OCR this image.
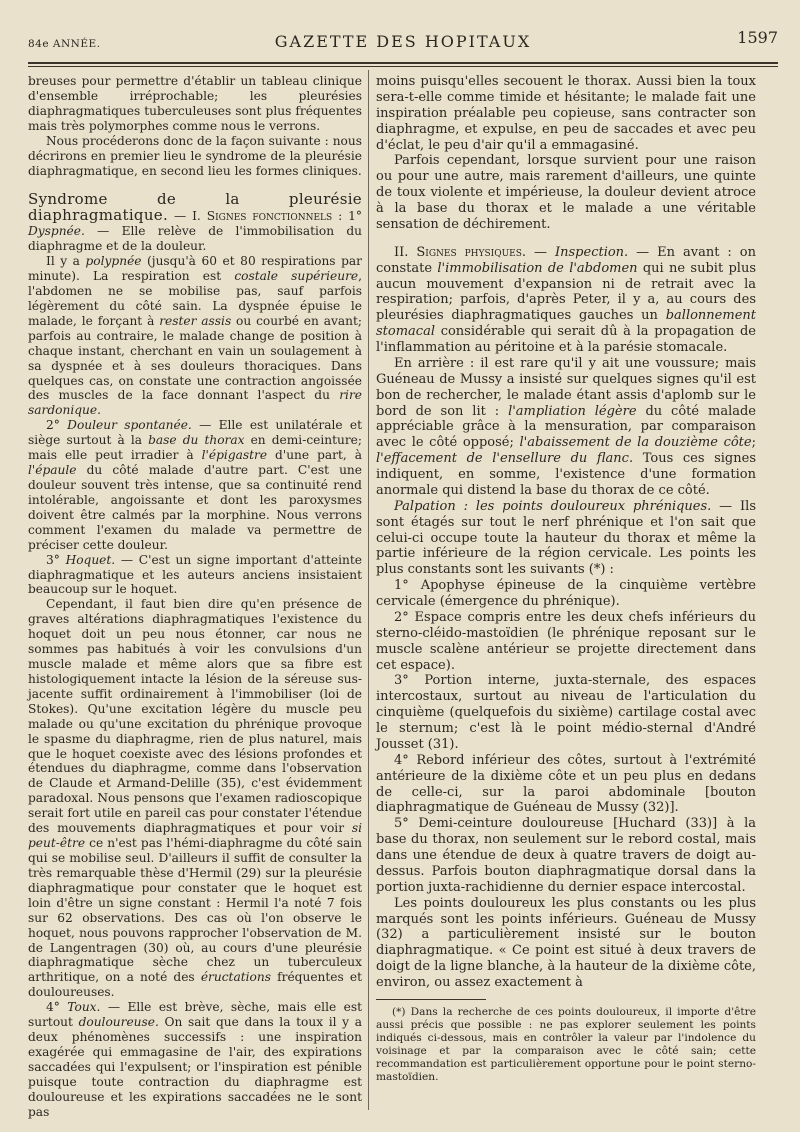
84e ANNÉE.	GAZETTE DES HOPITAUX	1597

breuses pour permettre d'établir un tableau clinique d'ensemble irréprochable; les pleurésies diaphragmatiques tuberculeuses sont plus fréquentes mais très polymorphes comme nous le verrons.

Nous procéderons donc de la façon suivante : nous décrirons en premier lieu le syndrome de la pleurésie diaphragmatique, en second lieu les formes cliniques.

Syndrome de la pleurésie diaphragmatique. — I. Signes fonctionnels : 1° Dyspnée. — Elle relève de l'immobilisation du diaphragme et de la douleur.

Il y a polypnée (jusqu'à 60 et 80 respirations par minute). La respiration est costale supérieure, l'abdomen ne se mobilise pas, sauf parfois légèrement du côté sain. La dyspnée épuise le malade, le forçant à rester assis ou courbé en avant; parfois au contraire, le malade change de position à chaque instant, cherchant en vain un soulagement à sa dyspnée et à ses douleurs thoraciques. Dans quelques cas, on constate une contraction angoissée des muscles de la face donnant l'aspect du rire sardonique.

2° Douleur spontanée. — Elle est unilatérale et siège surtout à la base du thorax en demi-ceinture; mais elle peut irradier à l'épigastre d'une part, à l'épaule du côté malade d'autre part. C'est une douleur souvent très intense, que sa continuité rend intolérable, angoissante et dont les paroxysmes doivent être calmés par la morphine. Nous verrons comment l'examen du malade va permettre de préciser cette douleur.

3° Hoquet. — C'est un signe important d'atteinte diaphragmatique et les auteurs anciens insistaient beaucoup sur le hoquet.

Cependant, il faut bien dire qu'en présence de graves altérations diaphragmatiques l'existence du hoquet doit un peu nous étonner, car nous ne sommes pas habitués à voir les convulsions d'un muscle malade et même alors que sa fibre est histologiquement intacte la lésion de la séreuse sus-jacente suffit ordinairement à l'immobiliser (loi de Stokes). Qu'une excitation légère du muscle peu malade ou qu'une excitation du phrénique provoque le spasme du diaphragme, rien de plus naturel, mais que le hoquet coexiste avec des lésions profondes et étendues du diaphragme, comme dans l'observation de Claude et Armand-Delille (35), c'est évidemment paradoxal. Nous pensons que l'examen radioscopique serait fort utile en pareil cas pour constater l'étendue des mouvements diaphragmatiques et pour voir si peut-être ce n'est pas l'hémi-diaphragme du côté sain qui se mobilise seul. D'ailleurs il suffit de consulter la très remarquable thèse d'Hermil (29) sur la pleurésie diaphragmatique pour constater que le hoquet est loin d'être un signe constant : Hermil l'a noté 7 fois sur 62 observations. Des cas où l'on observe le hoquet, nous pouvons rapprocher l'observation de M. de Langentragen (30) où, au cours d'une pleurésie diaphragmatique sèche chez un tuberculeux arthritique, on a noté des éructations fréquentes et douloureuses.

4° Toux. — Elle est brève, sèche, mais elle est surtout douloureuse. On sait que dans la toux il y a deux phénomènes successifs : une inspiration exagérée qui emmagasine de l'air, des expirations saccadées qui l'expulsent; or l'inspiration est pénible puisque toute contraction du diaphragme est douloureuse et les expirations saccadées ne le sont pas

moins puisqu'elles secouent le thorax. Aussi bien la toux sera-t-elle comme timide et hésitante; le malade fait une inspiration préalable peu copieuse, sans contracter son diaphragme, et expulse, en peu de saccades et avec peu d'éclat, le peu d'air qu'il a emmagasiné.

Parfois cependant, lorsque survient pour une raison ou pour une autre, mais rarement d'ailleurs, une quinte de toux violente et impérieuse, la douleur devient atroce à la base du thorax et le malade a une véritable sensation de déchirement.

II. Signes physiques. — Inspection. — En avant : on constate l'immobilisation de l'abdomen qui ne subit plus aucun mouvement d'expansion ni de retrait avec la respiration; parfois, d'après Peter, il y a, au cours des pleurésies diaphragmatiques gauches un ballonnement stomacal considérable qui serait dû à la propagation de l'inflammation au péritoine et à la parésie stomacale.

En arrière : il est rare qu'il y ait une voussure; mais Guéneau de Mussy a insisté sur quelques signes qu'il est bon de rechercher, le malade étant assis d'aplomb sur le bord de son lit : l'ampliation légère du côté malade appréciable grâce à la mensuration, par comparaison avec le côté opposé; l'abaissement de la douzième côte; l'effacement de l'ensellure du flanc. Tous ces signes indiquent, en somme, l'existence d'une formation anormale qui distend la base du thorax de ce côté.

Palpation : les points douloureux phréniques. — Ils sont étagés sur tout le nerf phrénique et l'on sait que celui-ci occupe toute la hauteur du thorax et même la partie inférieure de la région cervicale. Les points les plus constants sont les suivants (*) :

1° Apophyse épineuse de la cinquième vertèbre cervicale (émergence du phrénique).

2° Espace compris entre les deux chefs inférieurs du sterno-cléido-mastoïdien (le phrénique reposant sur le muscle scalène antérieur se projette directement dans cet espace).

3° Portion interne, juxta-sternale, des espaces intercostaux, surtout au niveau de l'articulation du cinquième (quelquefois du sixième) cartilage costal avec le sternum; c'est là le point médio-sternal d'André Jousset (31).

4° Rebord inférieur des côtes, surtout à l'extrémité antérieure de la dixième côte et un peu plus en dedans de celle-ci, sur la paroi abdominale [bouton diaphragmatique de Guéneau de Mussy (32)].

5° Demi-ceinture douloureuse [Huchard (33)] à la base du thorax, non seulement sur le rebord costal, mais dans une étendue de deux à quatre travers de doigt au-dessus. Parfois bouton diaphragmatique dorsal dans la portion juxta-rachidienne du dernier espace intercostal.

Les points douloureux les plus constants ou les plus marqués sont les points inférieurs. Guéneau de Mussy (32) a particulièrement insisté sur le bouton diaphragmatique. « Ce point est situé à deux travers de doigt de la ligne blanche, à la hauteur de la dixième côte, environ, ou assez exactement à

(*) Dans la recherche de ces points douloureux, il importe d'être aussi précis que possible : ne pas explorer seulement les points indiqués ci-dessous, mais en contrôler la valeur par l'indolence du voisinage et par la comparaison avec le côté sain; cette recommandation est particulièrement opportune pour le point sterno-mastoïdien.
